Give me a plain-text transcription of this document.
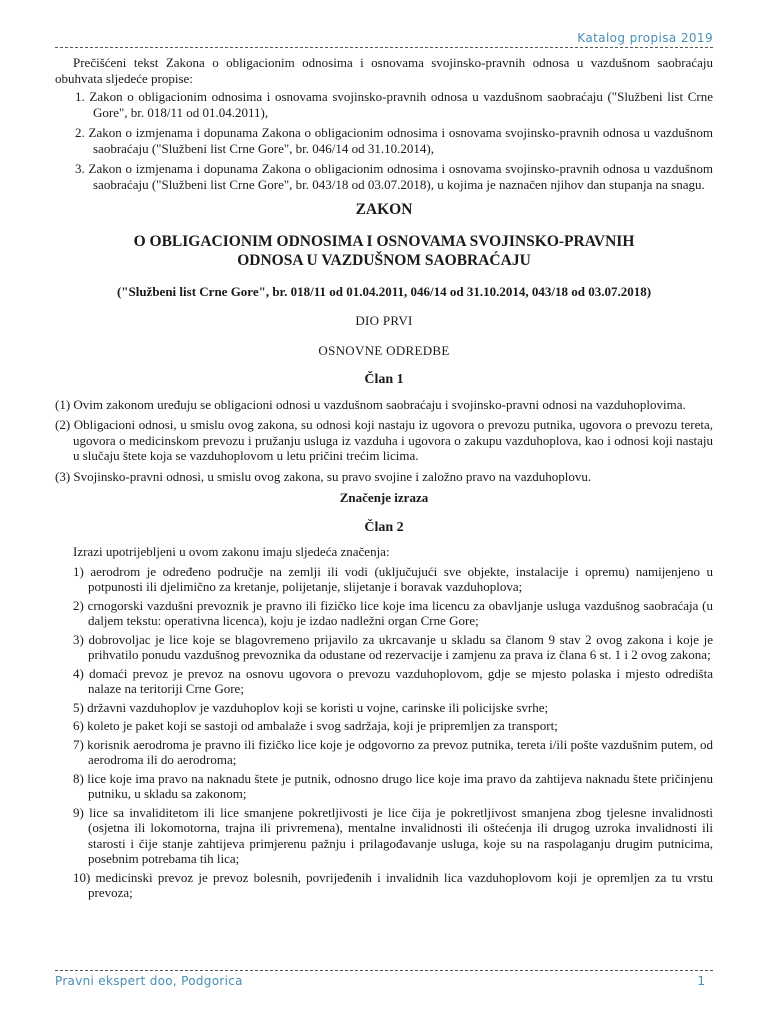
Katalog propisa 2019

Prečišćeni tekst Zakona o obligacionim odnosima i osnovama svojinsko-pravnih odnosa u vazdušnom saobraćaju obuhvata sljedeće propise:

1. Zakon o obligacionim odnosima i osnovama svojinsko-pravnih odnosa u vazdušnom saobraćaju ("Službeni list Crne Gore", br. 018/11 od 01.04.2011),
2. Zakon o izmjenama i dopunama Zakona o obligacionim odnosima i osnovama svojinsko-pravnih odnosa u vazdušnom saobraćaju ("Službeni list Crne Gore", br. 046/14 od 31.10.2014),
3. Zakon o izmjenama i dopunama Zakona o obligacionim odnosima i osnovama svojinsko-pravnih odnosa u vazdušnom saobraćaju ("Službeni list Crne Gore", br. 043/18 od 03.07.2018), u kojima je naznačen njihov dan stupanja na snagu.

ZAKON

O OBLIGACIONIM ODNOSIMA I OSNOVAMA SVOJINSKO-PRAVNIH
ODNOSA U VAZDUŠNOM SAOBRAĆAJU

("Službeni list Crne Gore", br. 018/11 od 01.04.2011, 046/14 od 31.10.2014, 043/18 od 03.07.2018)

DIO PRVI

OSNOVNE ODREDBE

Član 1

(1) Ovim zakonom uređuju se obligacioni odnosi u vazdušnom saobraćaju i svojinsko-pravni odnosi na vazduhoplovima.

(2) Obligacioni odnosi, u smislu ovog zakona, su odnosi koji nastaju iz ugovora o prevozu putnika, ugovora o prevozu tereta, ugovora o medicinskom prevozu i pružanju usluga iz vazduha i ugovora o zakupu vazduhoplova, kao i odnosi koji nastaju u slučaju štete koja se vazduhoplovom u letu pričini trećim licima.

(3) Svojinsko-pravni odnosi, u smislu ovog zakona, su pravo svojine i založno pravo na vazduhoplovu.

Značenje izraza

Član 2

Izrazi upotrijebljeni u ovom zakonu imaju sljedeća značenja:

1) aerodrom je određeno područje na zemlji ili vodi (uključujući sve objekte, instalacije i opremu) namijenjeno u potpunosti ili djelimično za kretanje, polijetanje, slijetanje i boravak vazduhoplova;
2) crnogorski vazdušni prevoznik je pravno ili fizičko lice koje ima licencu za obavljanje usluga vazdušnog saobraćaja (u daljem tekstu: operativna licenca), koju je izdao nadležni organ Crne Gore;
3) dobrovoljac je lice koje se blagovremeno prijavilo za ukrcavanje u skladu sa članom 9 stav 2 ovog zakona i koje je prihvatilo ponudu vazdušnog prevoznika da odustane od rezervacije i zamjenu za prava iz člana 6 st. 1 i 2 ovog zakona;
4) domaći prevoz je prevoz na osnovu ugovora o prevozu vazduhoplovom, gdje se mjesto polaska i mjesto odredišta nalaze na teritoriji Crne Gore;
5) državni vazduhoplov je vazduhoplov koji se koristi u vojne, carinske ili policijske svrhe;
6) koleto je paket koji se sastoji od ambalaže i svog sadržaja, koji je pripremljen za transport;
7) korisnik aerodroma je pravno ili fizičko lice koje je odgovorno za prevoz putnika, tereta i/ili pošte vazdušnim putem, od aerodroma ili do aerodroma;
8) lice koje ima pravo na naknadu štete je putnik, odnosno drugo lice koje ima pravo da zahtijeva naknadu štete pričinjenu putniku, u skladu sa zakonom;
9) lice sa invaliditetom ili lice smanjene pokretljivosti je lice čija je pokretljivost smanjena zbog tjelesne invalidnosti (osjetna ili lokomotorna, trajna ili privremena), mentalne invalidnosti ili oštećenja ili drugog uzroka invalidnosti ili starosti i čije stanje zahtijeva primjerenu pažnju i prilagođavanje usluga, koje su na raspolaganju drugim putnicima, posebnim potrebama tih lica;
10) medicinski prevoz je prevoz bolesnih, povrijeđenih i invalidnih lica vazduhoplovom koji je opremljen za tu vrstu prevoza;
Pravni ekspert doo, Podgorica	1
